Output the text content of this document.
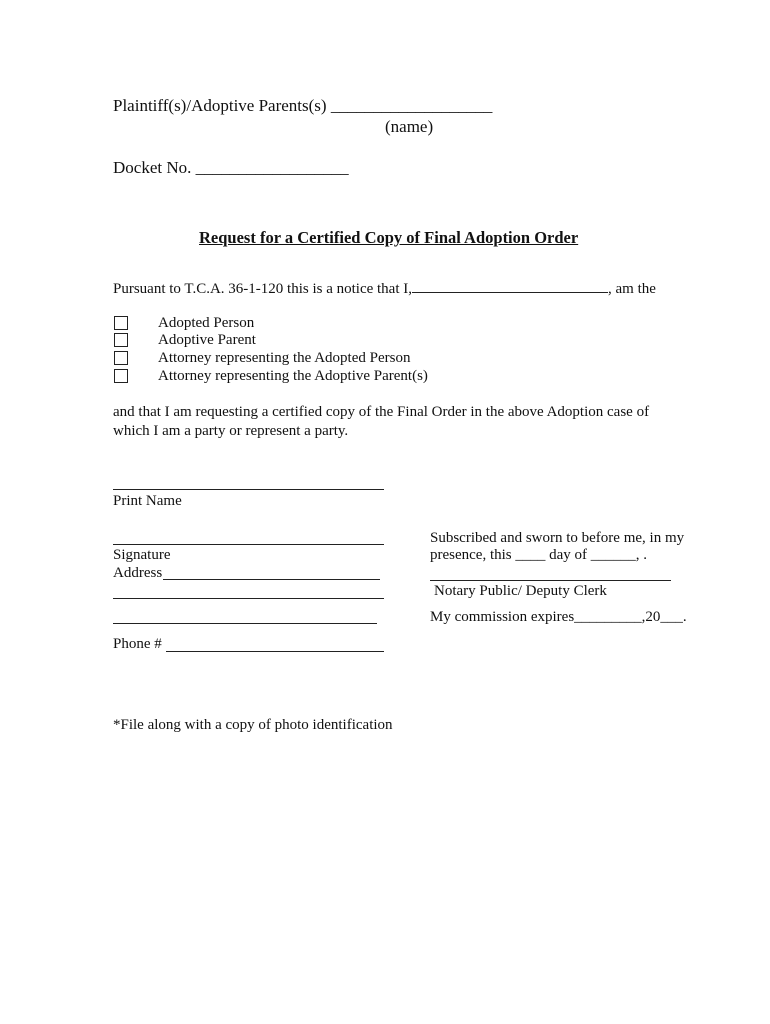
Plaintiff(s)/Adoptive Parents(s) ___________________
(name)
Docket No. __________________
Request for a Certified Copy of Final Adoption Order
Pursuant to T.C.A. 36-1-120 this is a notice that I,	, am the
Adopted Person
Adoptive Parent
Attorney representing the Adopted Person
Attorney representing the Adoptive Parent(s)
and that I am requesting a certified copy of the Final Order in the above Adoption case of
which I am a party or represent a party.
Print Name
Signature
Address
Phone #
Subscribed and sworn to before me, in my
presence, this ____ day of ______, .
Notary Public/ Deputy Clerk
My commission expires_________,20___.
*File along with a copy of photo identification
